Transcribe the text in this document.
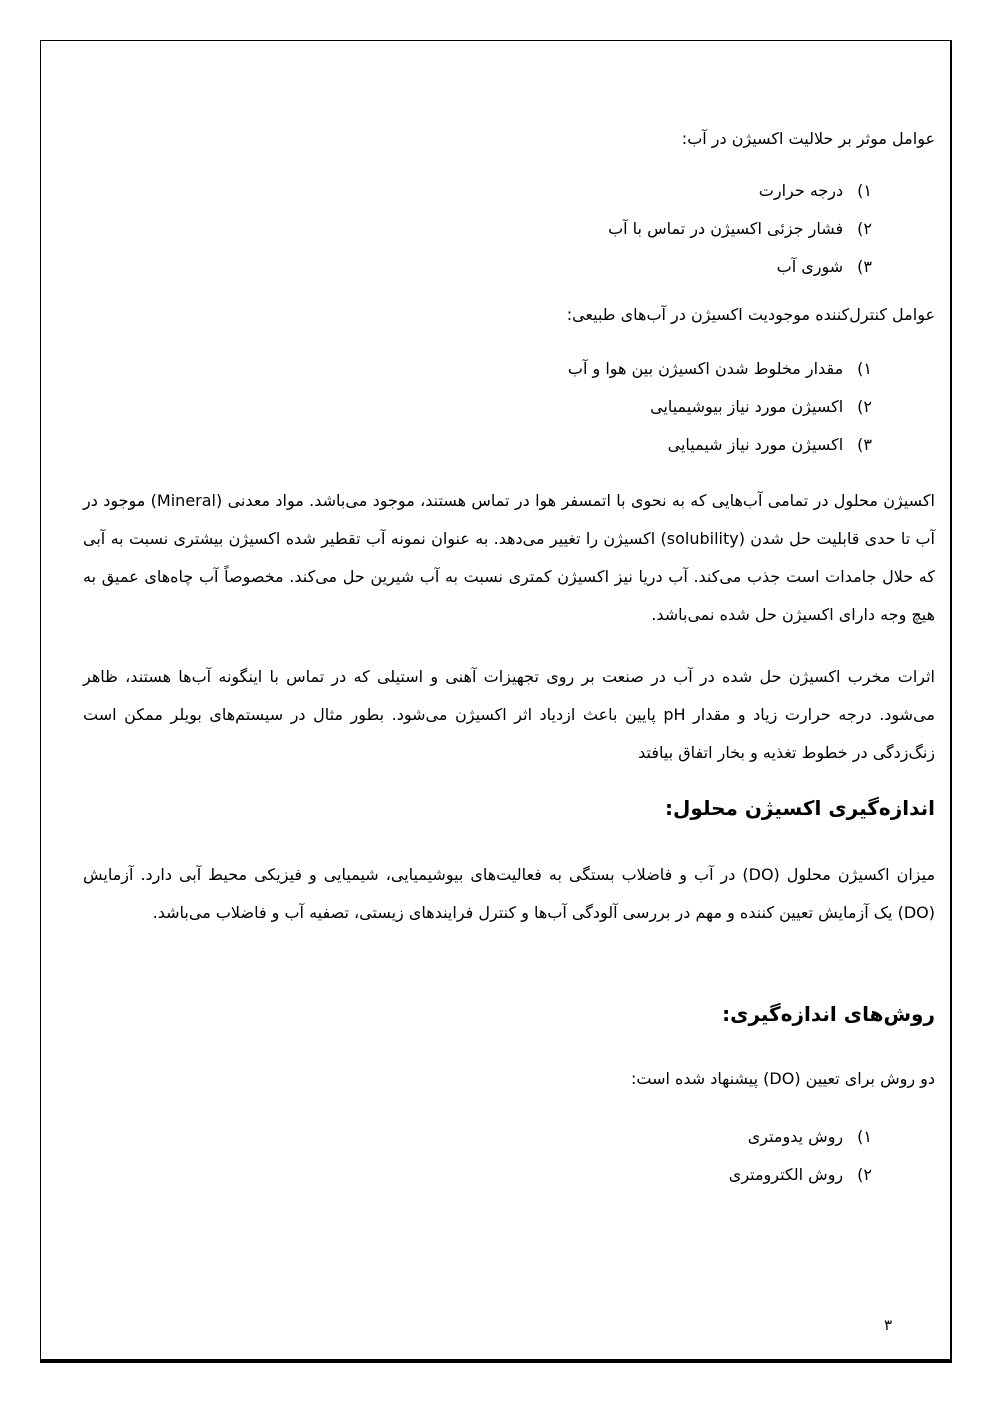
عوامل موثر بر حلالیت اکسیژن در آب:
۱)
درجه حرارت
۲)
فشار جزئی اکسیژن در تماس با آب
۳)
شوری آب
عوامل کنترل‌کننده موجودیت اکسیژن در آب‌های طبیعی:
۱)
مقدار مخلوط شدن اکسیژن بین هوا و آب
۲)
اکسیژن مورد نیاز بیوشیمیایی
۳)
اکسیژن مورد نیاز شیمیایی
اکسیژن محلول در تمامی آب‌هایی که به نحوی با اتمسفر هوا در تماس هستند، موجود می‌باشد. مواد معدنی (Mineral) موجود در آب تا حدی قابلیت حل شدن (solubility) اکسیژن را تغییر می‌دهد. به عنوان نمونه آب تقطیر شده اکسیژن بیشتری نسبت به آبی که حلال جامدات است جذب می‌کند. آب دریا نیز اکسیژن کمتری نسبت به آب شیرین حل می‌کند. مخصوصاً آب چاه‌های عمیق به هیچ وجه دارای اکسیژن حل شده نمی‌باشد.
اثرات مخرب اکسیژن حل شده در آب در صنعت بر روی تجهیزات آهنی و استیلی که در تماس با اینگونه آب‌ها هستند، ظاهر می‌شود. درجه حرارت زیاد و مقدار pH پایین باعث ازدیاد اثر اکسیژن می‌شود. بطور مثال در سیستم‌های بویلر ممکن است زنگ‌زدگی در خطوط تغذیه و بخار اتفاق بیافتد
اندازه‌گیری اکسیژن محلول:
میزان اکسیژن محلول (DO) در آب و فاضلاب بستگی به فعالیت‌های بیوشیمیایی، شیمیایی و فیزیکی محیط آبی دارد. آزمایش (DO) یک آزمایش تعیین کننده و مهم در بررسی آلودگی آب‌ها و کنترل فرایندهای زیستی، تصفیه آب و فاضلاب می‌باشد.
روش‌های اندازه‌گیری:
دو روش برای تعیین (DO) پیشنهاد شده است:
۱)
روش یدومتری
۲)
روش الکترومتری
۳
